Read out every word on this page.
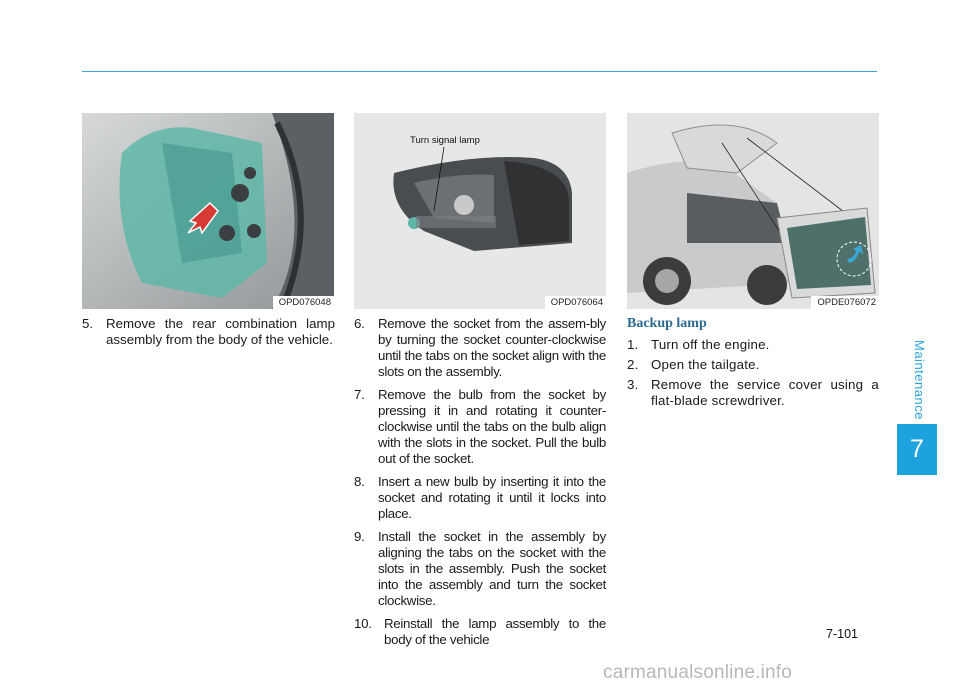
Maintenance
7
OPD076048
Turn signal lamp
OPD076064	OPDE076072
5. Remove the rear combination lamp assembly from the body of the vehicle.
6. Remove the socket from the assem-bly by turning the socket counter-clockwise until the tabs on the socket align with the slots on the assembly.
7. Remove the bulb from the socket by pressing it in and rotating it counter-clockwise until the tabs on the bulb align with the slots in the socket. Pull the bulb out of the socket.
8. Insert a new bulb by inserting it into the socket and rotating it until it locks into place.
9. Install the socket in the assembly by aligning the tabs on the socket with the slots in the assembly. Push the socket into the assembly and turn the socket clockwise.
10. Reinstall the lamp assembly to the body of the vehicle
Backup lamp
1. Turn off the engine.
2. Open the tailgate.
3. Remove the service cover using a flat-blade screwdriver.
7-101
carmanualsonline.info
